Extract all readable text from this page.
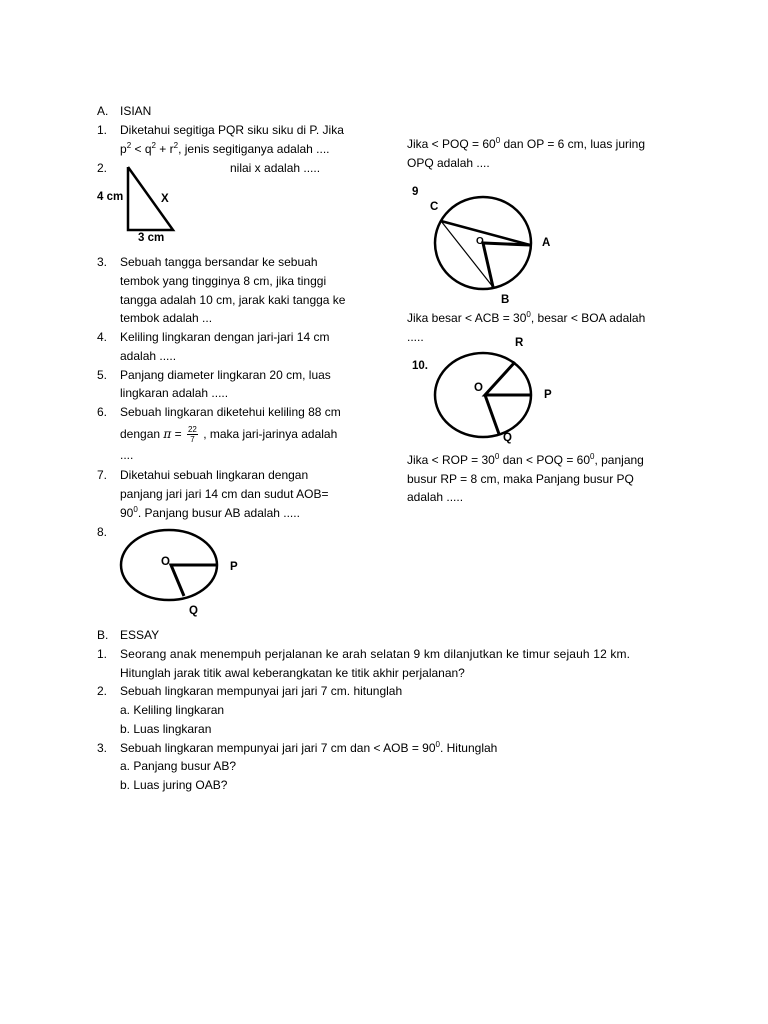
A. ISIAN
1. Diketahui segitiga PQR siku siku di P. Jika
$p^2 < q^2 + r^2$, jenis segitiganya adalah ....
2.	nilai x adalah .....
4 cm	X
3 cm
3. Sebuah tangga bersandar ke sebuah
tembok yang tingginya 8 cm, jika tinggi
tangga adalah 10 cm, jarak kaki tangga ke
tembok adalah ...
4. Keliling lingkaran dengan jari-jari 14 cm
adalah .....
5. Panjang diameter lingkaran 20 cm, luas
lingkaran adalah .....
6. Sebuah lingkaran diketehui keliling 88 cm
dengan $\pi = \frac{22}{7}$ , maka jari-jarinya adalah
....
7. Diketahui sebuah lingkaran dengan
panjang jari jari 14 cm dan sudut AOB=
$90^0$. Panjang busur AB adalah .....
8.
O	P
Q
Jika < POQ = $60^0$ dan OP = 6 cm, luas juring
OPQ adalah ....
9
C
O	A
B
Jika besar < ACB = $30^0$, besar < BOA adalah
.....
10.
R
O
P
Q
Jika < ROP = $30^0$ dan < POQ = $60^0$, panjang
busur RP = 8 cm, maka Panjang busur PQ
adalah .....
B. ESSAY
1. Seorang anak menempuh perjalanan ke arah selatan 9 km dilanjutkan ke timur sejauh 12 km.
Hitunglah jarak titik awal keberangkatan ke titik akhir perjalanan?
2. Sebuah lingkaran mempunyai jari jari 7 cm. hitunglah
a. Keliling lingkaran
b. Luas lingkaran
3. Sebuah lingkaran mempunyai jari jari 7 cm dan < AOB = $90^0$. Hitunglah
a. Panjang busur AB?
b. Luas juring OAB?
